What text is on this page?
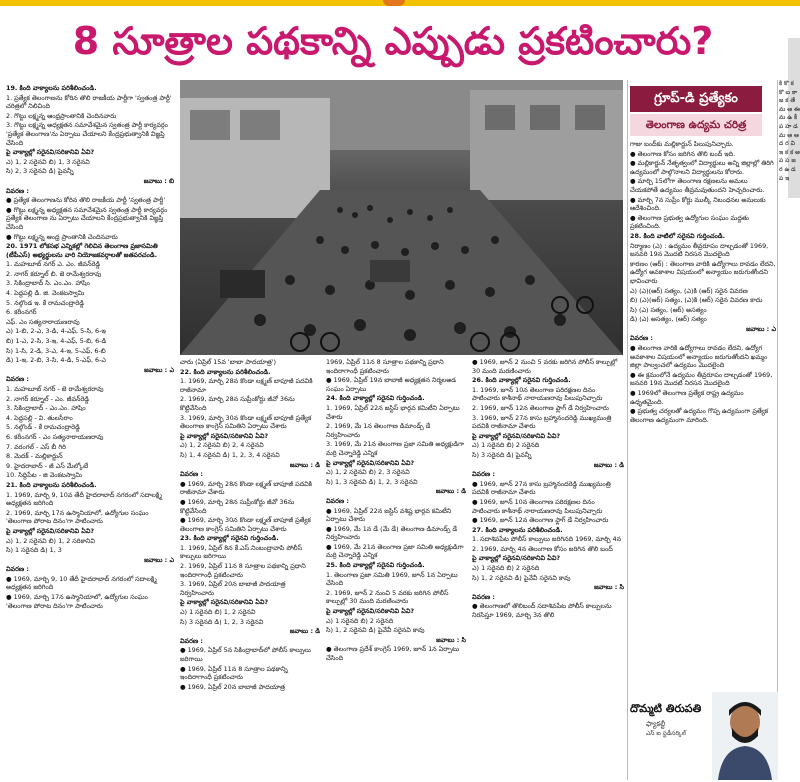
8 సూత్రాల పథకాన్ని ఎప్పుడు ప్రకటించారు?

19. కింది వాక్యాలను పరిశీలించండి.

1. ప్రత్యేక తెలంగాణను కోరిన తొలి రాజకీయ పార్టీగా 'స్వతంత్ర పార్టీ' చరిత్రలో నిలిచింది

2. గొట్టు లక్ష్మన్న ఆంధ్రప్రాంతానికి చెందినవారు

3. గొట్టు లక్ష్మన్న అధ్యక్షతన సమావేశమైన స్వతంత్ర పార్టీ కార్యవర్గం 'ప్రత్యేక తెలంగాణ'ను ఏర్పాటు చేయాలని కేంద్రప్రభుత్వానికి విజ్ఞప్తి చేసింది

పై వాక్యాల్లో సరైనవి/సరికానివి ఏవి?

ఎ) 1, 2 సరైనవి బి) 1, 3 సరైనవి

సి) 2, 3 సరైనవి డి) పైవన్నీ

జవాబు : బి

వివరణ :

● ప్రత్యేక తెలంగాణను కోరిన తొలి రాజకీయ పార్టీ 'స్వతంత్ర పార్టీ'

● గొట్టు లక్ష్మన్న అధ్యక్షతన సమావేశమైన స్వతంత్ర పార్టీ కార్యవర్గం ప్రత్యేక తెలంగాణ ను ఏర్పాటు చేయాలని కేంద్రప్రభుత్వానికి విజ్ఞప్తి చేసింది

● గొట్టు లక్ష్మన్న ఆంధ్ర ప్రాంతానికి చెందినవారు

20. 1971 లోకసభ ఎన్నికల్లో గెలిచిన తెలంగాణ ప్రజాసమితి (టీపీఎస్‌) అభ్యర్థులను వారి నియోజకవర్గాలతో జతపరచండి.

1. మహబూబ్‌ నగర్‌ ఎ. ఎం. జీవన్‌రెడ్డి

2. నాగర్‌ కర్నూల్‌ బి. జె రామేశ్వరరావు

3. సికింద్రాబాద్‌ సి. ఎం.ఎం. హాషిం

4. పెద్దపల్లి డి. జి. వెంకటస్వామి

5. నల్గొండ ఇ. కే రామచంద్రారెడ్డి

6. కరీంనగర్‌

ఎఫ్‌. ఎం సత్యనారాయణరావు

ఎ) 1-బి, 2-ఎ, 3-డి, 4-ఎఫ్‌, 5-సి, 6-ఇ

బి) 1-ఎ, 2-సి, 3-ఇ, 4-ఎఫ్‌, 5-బి, 6-డి

సి) 1-సి, 2-డి, 3-ఎ, 4-ఇ, 5-ఎఫ్‌, 6-బి

డి) 1-ఇ, 2-బి, 3-సి, 4-డి, 5-ఎఫ్‌, 6-ఎ

జవాబు : ఎ

వివరణ :

1. మహబూబ్‌ నగర్‌ - జె రామేశ్వరరావు

2. నాగర్‌ కర్నూల్‌ - ఎం. జీవన్‌రెడ్డి

3. సికింద్రాబాద్‌ - ఎం.ఎం. హాషిం

4. పెద్దపల్లి - వి. తులసీరాం

5. నల్గొండ్‌ - కే రామచంద్రారెడ్డి

6. కరీంనగర్‌ - ఎం సత్యనారాయణరావు

7. వరంగల్‌ - ఎస్‌ బీ గిరి

8. మెదక్‌ - మల్లికార్జున్‌

9. హైదరాబాద్‌ - జీ ఎస్‌ మేల్కోటే

10. సిద్దిపేట - జి వెంకటస్వామి

21. కింది వాక్యాలను పరిశీలించండి.

1. 1969, మార్చి 9, 10వ తేదీ హైదరాబాద్‌ నగరంలో సదాలక్ష్మి అధ్యక్షతన జరిగింది

2. 1969, మార్చి 17న ఉస్మానియాలో, ఉద్యోగుల సంఘం 'తెలంగాణ పోరాట దినం'గా పాటించారు

పై వాక్యాల్లో సరైనవి/సరికానివి ఏవి?

ఎ) 1, 2 సరైనవి బి) 1, 2 సరికానివి

సి) 1 సరైనది డి) 1, 3

జవాబు : ఎ

వివరణ :

● 1969, మార్చి 9, 10 తేదీ హైదరాబాద్‌ నగరంలో సదాలక్ష్మి అధ్యక్షతన జరిగింది

● 1969, మార్చి 17న ఉస్మానియాలో, ఉద్యోగుల సంఘం 'తెలంగాణ పోరాట దినం'గా పాటించారు

చారు (ఏప్రిల్‌ 15వ 'బాబా పాదయాత్ర')

22. కింది వాక్యాలను పరిశీలించండి.

1. 1969, మార్చి 28న కొండా లక్ష్మణ్‌ బాపూజీ పదవికి రాజీనామా

2. 1969, మార్చి 28న సుప్రీంకోర్టు జీవో 36ను కొట్టివేసింది

3. 1969, మార్చి 30న కొండా లక్ష్మణ్‌ బాపూజీ ప్రత్యేక తెలంగాణ కాంగ్రెస్‌ సమితిని ఏర్పాటు చేశారు

పై వాక్యాల్లో సరైనవి/సరికానివి ఏవి?

ఎ) 1, 2 సరైనవి బి) 2, 4 సరైనవి

సి) 1, 4 సరైనవి డి) 1, 2, 3, 4 సరైనవి

జవాబు : డి

వివరణ :

● 1969, మార్చి 28న కొండా లక్ష్మణ్‌ బాపూజీ పదవికి రాజీనామా చేశారు

● 1969, మార్చి 28న సుప్రీంకోర్టు జీవో 36ను కొట్టివేసింది

● 1969, మార్చి 30న కొండా లక్ష్మణ్‌ బాపూజీ ప్రత్యేక తెలంగాణ కాంగ్రెస్‌ సమితిని ఏర్పాటు చేశారు

23. కింది వాక్యాల్లో సరైనవి గుర్తించండి.

1. 1969, ఏప్రిల్‌ 8న కే.ఎస్‌.నింబంద్రావాపి పోలీస్‌ కాల్పులు జరిగాయి

2. 1969, ఏప్రిల్‌ 11న 8 సూత్రాల పథకాన్ని ప్రధాని ఇందిరాగాంధీ ప్రకటించారు

3. 1969, ఏప్రిల్‌ 20న బాబాజీ పాదయాత్ర నిర్వహించారు

పై వాక్యాల్లో సరైనవి/సరికానివి ఏవి?

ఎ) 1 సరైనది బి) 1, 2 సరైనవి

సి) 3 సరైనది డి) 1, 2, 3 సరైనవి

జవాబు : డి

వివరణ :

● 1969, ఏప్రిల్‌ 5న సికింద్రాబాద్‌లో పోలీస్‌ కాల్పులు జరిగాయి

● 1969, ఏప్రిల్‌ 11న 8 సూత్రాల పథకాన్ని ఇందిరాగాంధీ ప్రకటించారు

● 1969, ఏప్రిల్‌ 20న బాబాజీ పాదయాత్ర

1969, ఏప్రిల్‌ 11న 8 సూత్రాల పథకాన్ని ప్రధాని ఇందిరాగాంధీ ప్రకటించారు

● 1969, ఏప్రిల్‌ 19న బాబాజీ అధ్యక్షతన నిర్మలఅడ సంఘం ఏర్పాటు

24. కింది వాక్యాల్లో సరైనవి గుర్తించండి.

1. 1969, ఏప్రిల్‌ 22న జస్టిస్‌ భార్గవ కమిటీని ఏర్పాటు చేశారు

2. 1969, మే 1న తెలంగాణ డిమాండ్స్‌ డే నిర్వహించారు

3. 1969, మే 21న తెలంగాణ ప్రజా సమితి అధ్యక్షుడిగా మర్రి చెన్నారెడ్డి ఎన్నిక

పై వాక్యాల్లో సరైనవి/సరికానివి ఏవి?

ఎ) 1, 2 సరైనవి బి) 2, 3 సరైనవి

సి) 1, 3 సరైనవి డి) 1, 2, 3 సరైనవి

జవాబు : డి

వివరణ :

● 1969, ఏప్రిల్‌ 22న జస్టిస్‌ వశిష్ట భార్గవ కమిటీని ఏర్పాటు చేశారు

● 1969, మే 1న డే (మే డే) తెలంగాణ డిమాండ్స్‌ డే నిర్వహించారు

● 1969, మే 21న తెలంగాణ ప్రజా సమితి అధ్యక్షుడిగా మర్రి చెన్నారెడ్డి ఎన్నిక

25. కింది వాక్యాల్లో సరైనవి గుర్తించండి.

1. తెలంగాణ ప్రజా సమితి 1969, జూన్‌ 1న ఏర్పాటు చేసింది

2. 1969, జూన్‌ 2 నుంచి 5 వరకు జరిగిన పోలీస్‌ కాల్పుల్లో 30 మంది మరణించారు

పై వాక్యాల్లో సరైనవి/సరికానివి ఏవి?

ఎ) 1 సరైనది బి) 2 సరైనది

సి) 1, 2 సరైనవి డి) పైవేవీ సరైనవి కావు

జవాబు : సి

● తెలంగాణ ప్రదేశ్‌ కాంగ్రెస్‌ 1969, జూన్‌ 1న ఏర్పాటు చేసింది

● 1969, జూన్‌ 2 నుంచి 5 వరకు జరిగిన పోలీస్‌ కాల్పుల్లో 30 మంది మరణించారు

26. కింది వాక్యాల్లో సరైనవి గుర్తించండి.

1. 1969, జూన్‌ 10న తెలంగాణ పరిరక్షణల దినం పాటించారు కాశీనాథ్‌ నారాయణరావు పిలుపునిచ్చారు

2. 1969, జూన్‌ 12న తెలంగాణ ఫ్లాగ్‌ డే నిర్వహించారు

3. 1969, జూన్‌ 27న కాసు బ్రహ్మానందరెడ్డి ముఖ్యమంత్రి పదవికి రాజీనామా చేశారు

పై వాక్యాల్లో సరైనవి/సరికానివి ఏవి?

ఎ) 1 సరైనది బి) 2 సరైనది

సి) 3 సరైనది డి) పైవన్నీ

జవాబు : డి

వివరణ :

● 1969, జూన్‌ 27న కాసు బ్రహ్మానందరెడ్డి ముఖ్యమంత్రి పదవికి రాజీనామా చేశారు

● 1969, జూన్‌ 10న తెలంగాణ పరిరక్షణల దినం పాటించారు కాశీనాథ్‌ నారాయణరావు పిలుపునిచ్చారు

● 1969, జూన్‌ 12న తెలంగాణ ఫ్లాగ్‌ డే నిర్వహించారు

27. కింది వాక్యాలను పరిశీలించండి.

1. సదాశివపేట పోలీస్‌ కాల్పులు జరిగినది 1969, మార్చి 4న

2. 1969, మార్చి 4న తెలంగాణ కోసం జరిగిన తొలి బంద్‌

పై వాక్యాల్లో సరైనవి/సరికానివి ఏవి?

ఎ) 1 సరైనది బి) 2 సరైనది

సి) 1, 2 సరైనవి డి) పైవేవీ సరైనవి కావు

జవాబు : సి

వివరణ :

● తెలంగాణలో తొలిబంద్‌ సదాశివపేట పోలీస్‌ కాల్పులను నిరసిస్తూ 1969, మార్చి 3న తొలి

గ్రూప్‌-డి ప్రత్యేకం
తెలంగాణ ఉద్యమ చరిత్ర

గాజు బంద్‌కు మల్లికార్జున్‌ పిలుపునిచ్చారు.

● తెలంగాణ కోసం జరిగిన తొలి బంద్‌ ఇది.

● మల్లికార్జున్‌ నేతృత్వంలో విద్యార్థులు అన్ని జిల్లాల్లో తిరిగి ఉద్యమంలో పాల్గొనాలని విద్యార్థులను కోరారు.

● మార్చి 15లోగా తెలంగాణ రక్షణలను అమలు చేయకపోతే ఉద్యమం తీవ్రమవుతుందని హెచ్చరించారు.

● మార్చి 7న సుప్రీం కోర్టు ముల్కీ నిబంధనల అమలుకు ఆదేశించింది.

● తెలంగాణ ప్రభుత్వ ఉద్యోగుల సంఘం మద్దతు ప్రకటించింది.

28. కింది వాటిలో సరైనవి గుర్తించండి.

నిర్మాణం (ఎ) : ఉద్యమం తీవ్రరూపం దాల్చడంతో 1969, జనవరి 19న మొదటి నిరసన మొదలైంది

కారణం (ఆర్‌) : తెలంగాణ వారికి ఉద్యోగాలు రావడం లేదని, ఉద్యోగ అవకాశాల విషయంలో అన్యాయం జరుగుతోందని భావించారు

ఎ) (ఎ)(ఆర్‌) సత్యం, (ఎ)కి (ఆర్‌) సరైన వివరణ

బి) (ఎ)(ఆర్‌) సత్యం, (ఎ)కి (ఆర్‌) సరైన వివరణ కాదు

సి) (ఎ) సత్యం, (ఆర్‌) అసత్యం

డి) (ఎ) అసత్యం, (ఆర్‌) సత్యం

జవాబు : ఎ

వివరణ :

● తెలంగాణ వారికి ఉద్యోగాలు రావడం లేదని, ఉద్యోగ అవకాశాల విషయంలో అన్యాయం జరుగుతోందని ఖమ్మం జిల్లా పాల్వంచలో ఉద్యమం మొదలైంది

● ఈ క్రమంలోనే ఉద్యమం తీవ్రరూపం దాల్చడంతో 1969, జనవరి 19న మొదటి నిరసన మొదలైంది

● 1969లో తెలంగాణ ప్రత్యేక రాష్ట్ర ఉద్యమం ఉధృతమైంది.

● ప్రభుత్వ చర్యలతో ఉద్యమం గొప్ప ఉద్యమంగా ప్రత్యేక తెలంగాణ ఉద్యమంగా మారింది.

దొమ్మటి తిరుపతి
ఫ్యాకల్టీ
ఎస్‌ ఐ స్టడీసర్కిల్‌
కి కొ క కొ బ కా జ క తే మ ఆ ఈ మ ఉ కీ ప హ డ మ ఆ ఆ ద ర వి ఇ క క అ ప ప జ ర ఉ డ ప ఇ
